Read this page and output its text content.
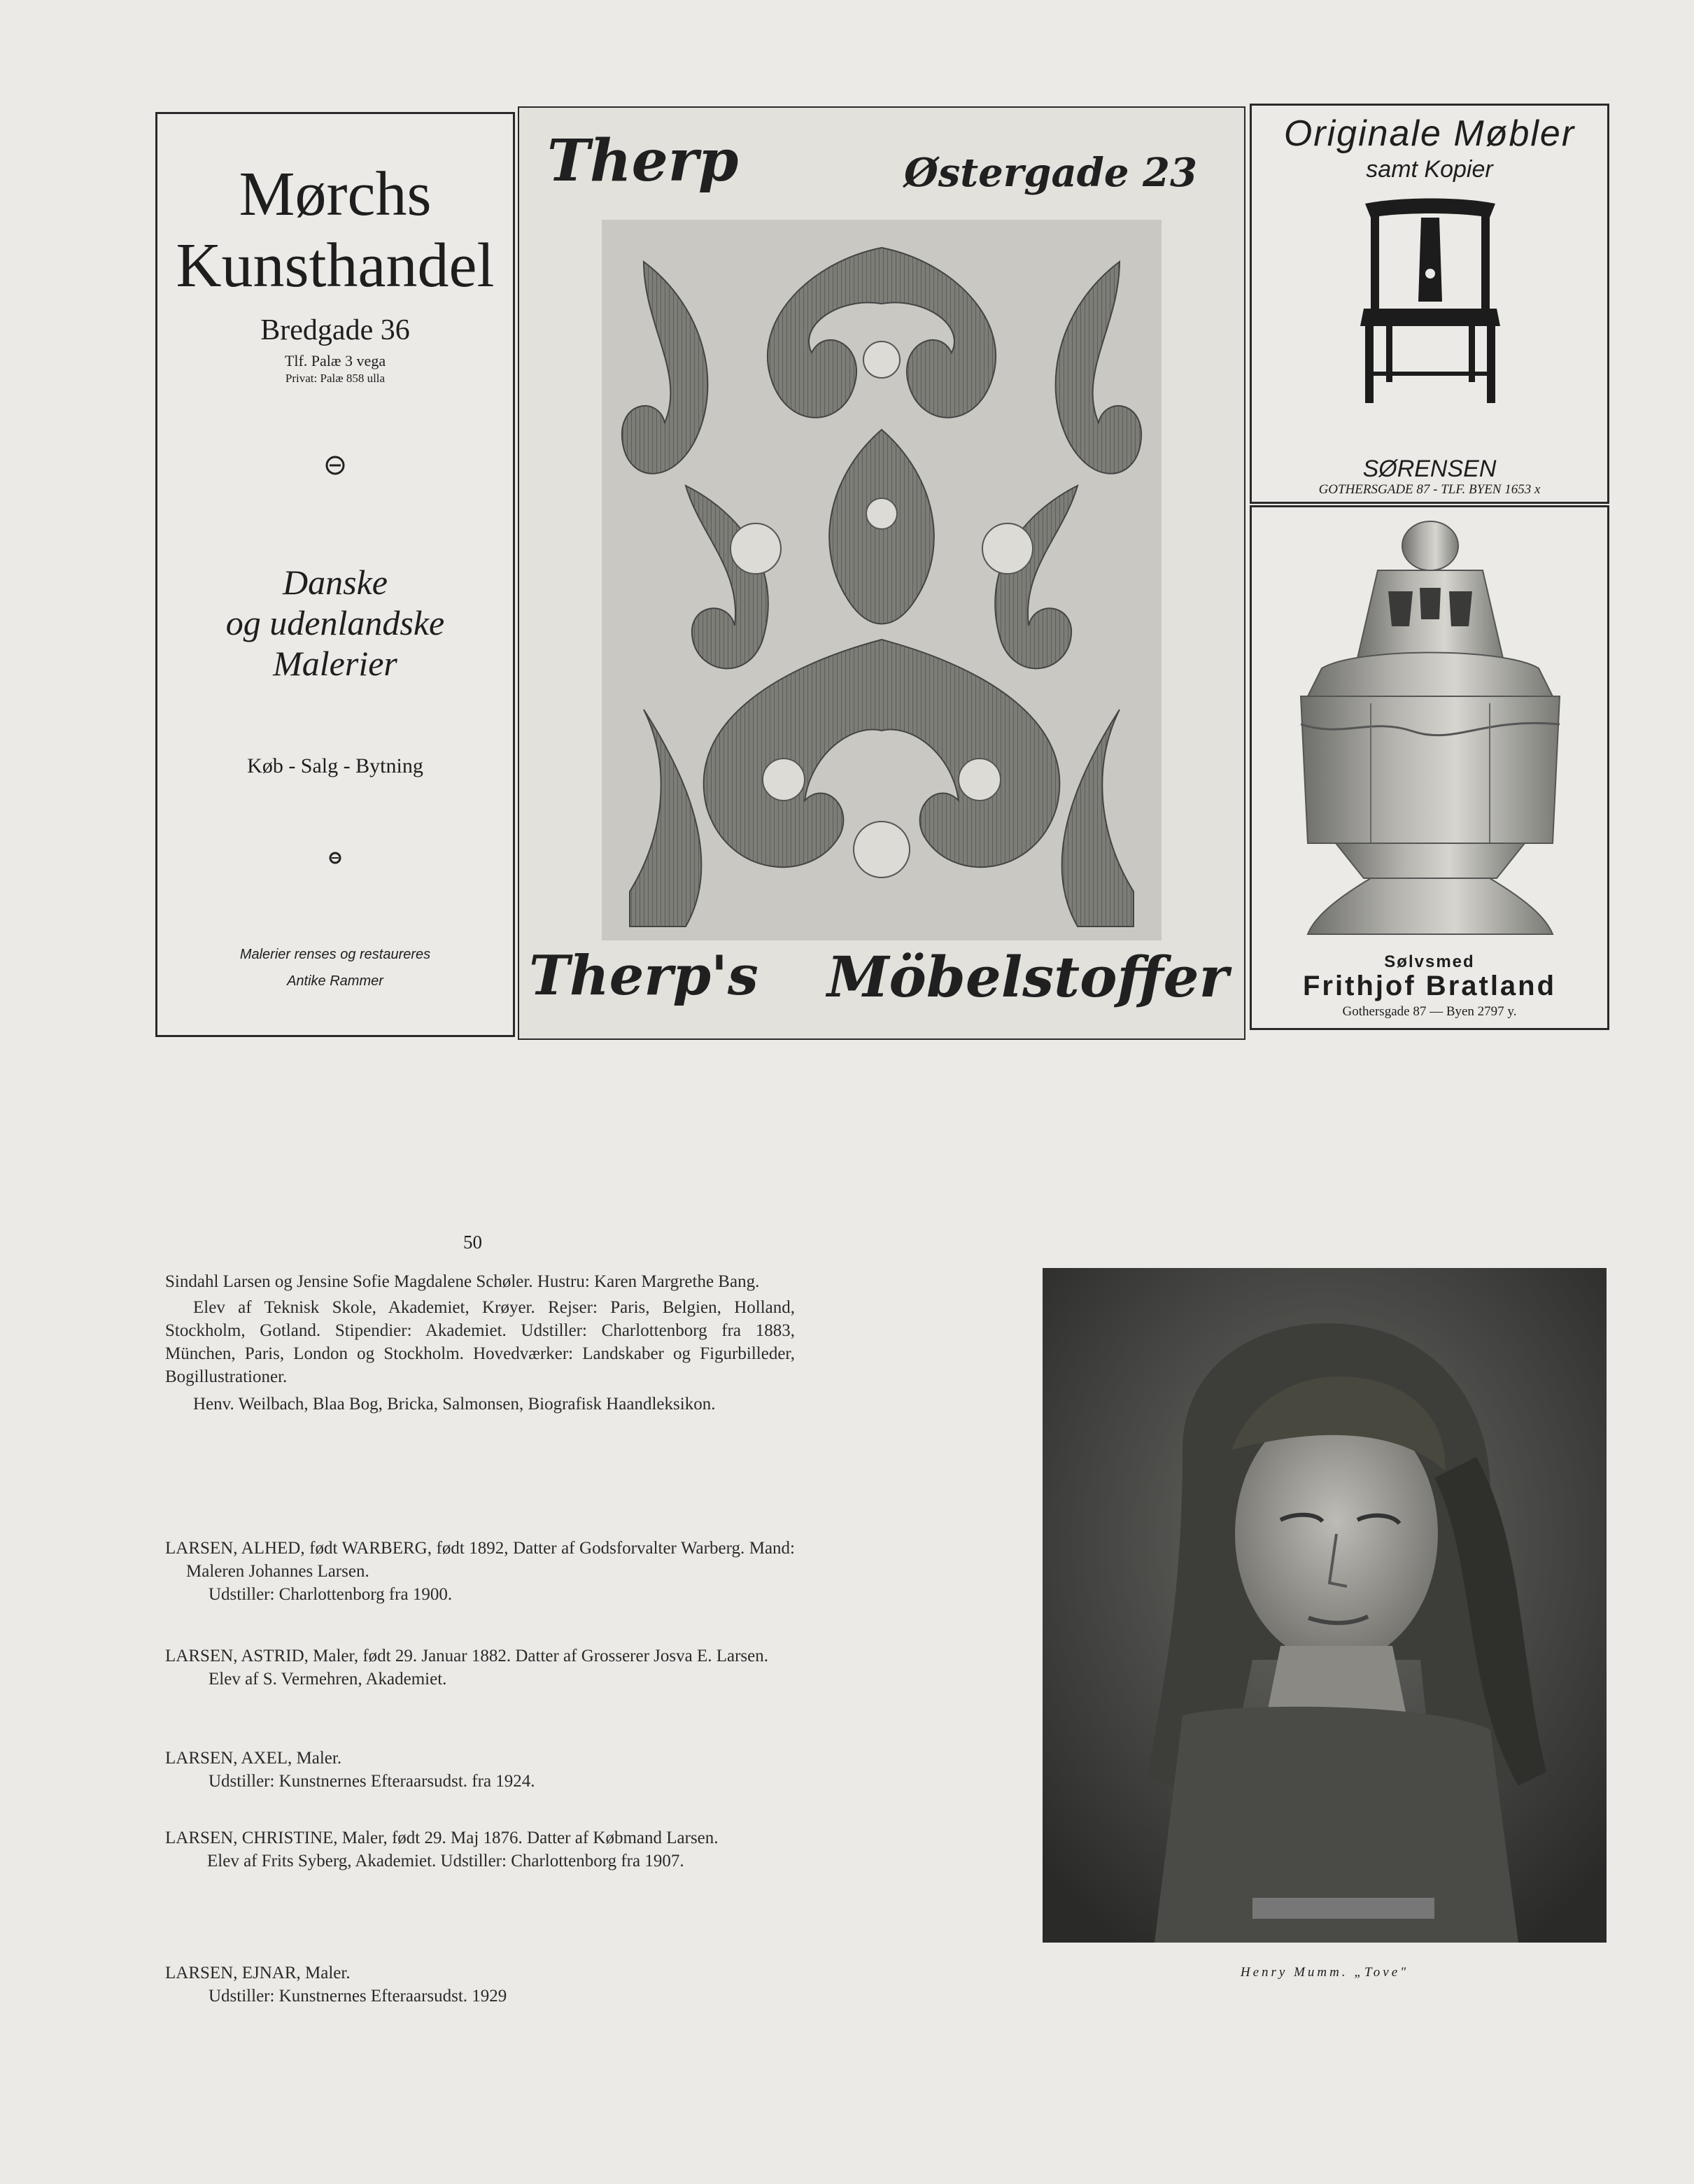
Mørchs
Kunsthandel
Bredgade 36
Tlf. Palæ 3 vega
Privat: Palæ 858 ulla
Danske
og udenlandske
Malerier
Køb - Salg - Bytning
Malerier renses og restaureres
Antike Rammer
Therp	Østergade 23
Therp's Möbelstoffer
Originale Møbler
samt Kopier
SØRENSEN
GOTHERSGADE 87 - TLF. BYEN 1653 x
Sølvsmed
Frithjof Bratland
Gothersgade 87 — Byen 2797 y.
50

Sindahl Larsen og Jensine Sofie Magdalene Schøler. Hustru: Karen Margrethe Bang.

Elev af Teknisk Skole, Akademiet, Krøyer. Rejser: Paris, Belgien, Holland, Stockholm, Gotland. Stipendier: Akademiet. Udstiller: Charlottenborg fra 1883, München, Paris, London og Stockholm. Hovedværker: Landskaber og Figurbilleder, Bogillustrationer.

Henv. Weilbach, Blaa Bog, Bricka, Salmonsen, Biografisk Haandleksikon.

LARSEN, ALHED, født WARBERG, født 1892, Datter af Godsforvalter Warberg. Mand: Maleren Johannes Larsen.

Udstiller: Charlottenborg fra 1900.

LARSEN, ASTRID, Maler, født 29. Januar 1882. Datter af Grosserer Josva E. Larsen.

Elev af S. Vermehren, Akademiet.

LARSEN, AXEL, Maler.

Udstiller: Kunstnernes Efteraarsudst. fra 1924.

LARSEN, CHRISTINE, Maler, født 29. Maj 1876. Datter af Købmand Larsen.

Elev af Frits Syberg, Akademiet. Udstiller: Charlottenborg fra 1907.

LARSEN, EJNAR, Maler.

Udstiller: Kunstnernes Efteraarsudst. 1929

Henry Mumm. „Tove"
